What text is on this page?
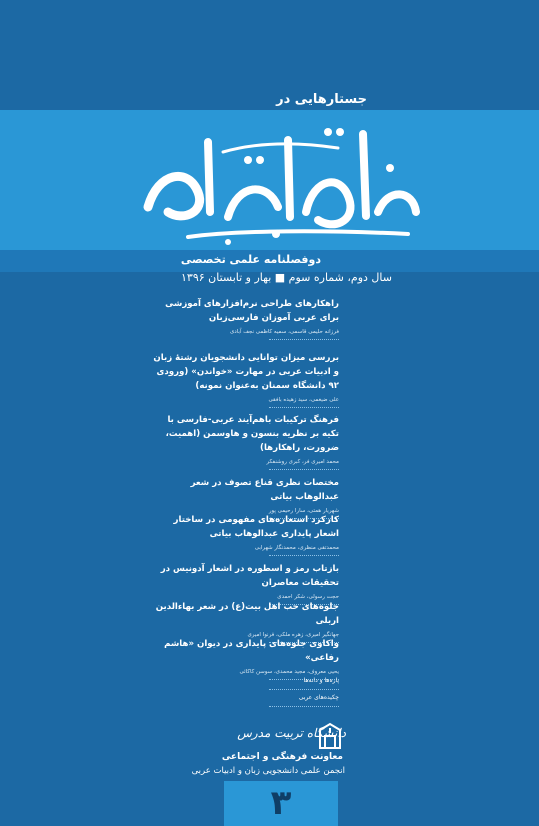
جستارهایی در
دوفصلنامه علمی تخصصی
سال دوم، شماره سوم ■ بهار و تابستان ۱۳۹۶
راهکارهای طراحی نرم‌افزارهای آموزشی برای عربی آموزان فارسی‌زبان
فرزانه حلیمی قاسمی، سمیه کاظمی نجف آبادی
بررسی میزان توانایی دانشجویان رشتهٔ زبان و ادبیات عربی در مهارت «خواندن» (ورودی ۹۲ دانشگاه سمنان به‌عنوان نمونه)
علی ضیغمی، سید زهیده بافقی
فرهنگ ترکیبات باهم‌آیند عربی-فارسی با تکیه بر نظریه بنسون و هاوسمن (اهمیت، ضرورت، راهکارها)
محمد امیری فر، کبری روشنفکر
مختصات نظری قناع تصوف در شعر عبدالوهاب بیاتی
شهریار همتی، سارا رحیمی پور
کارکرد استعاره‌های مفهومی در ساختار اشعار پایداری عبدالوهاب بیاتی
محمدتقی منظری، محمدنگار شهرابی
بازتاب رمز و اسطوره در اشعار آدونیس در تحقیقات معاصران
حجت رسولی، شکر احمدی
جلوه‌های حب اهل بیت(ع) در شعر بهاءالدین اربلی
جهانگیر امیری، زهره ملکی، فرنوا امیری
واکاوی جلوه‌های پایداری در دیوان «هاشم رفاعی»
یحیی معروف، مجید محمدی، سوسن کاکائی
پاره‌ها و دانه‌ها
چکیده‌های عربی
دانشگاه تربیت مدرس
معاونت فرهنگی و اجتماعی
انجمن علمی دانشجویی زبان و ادبیات عربی
۳
